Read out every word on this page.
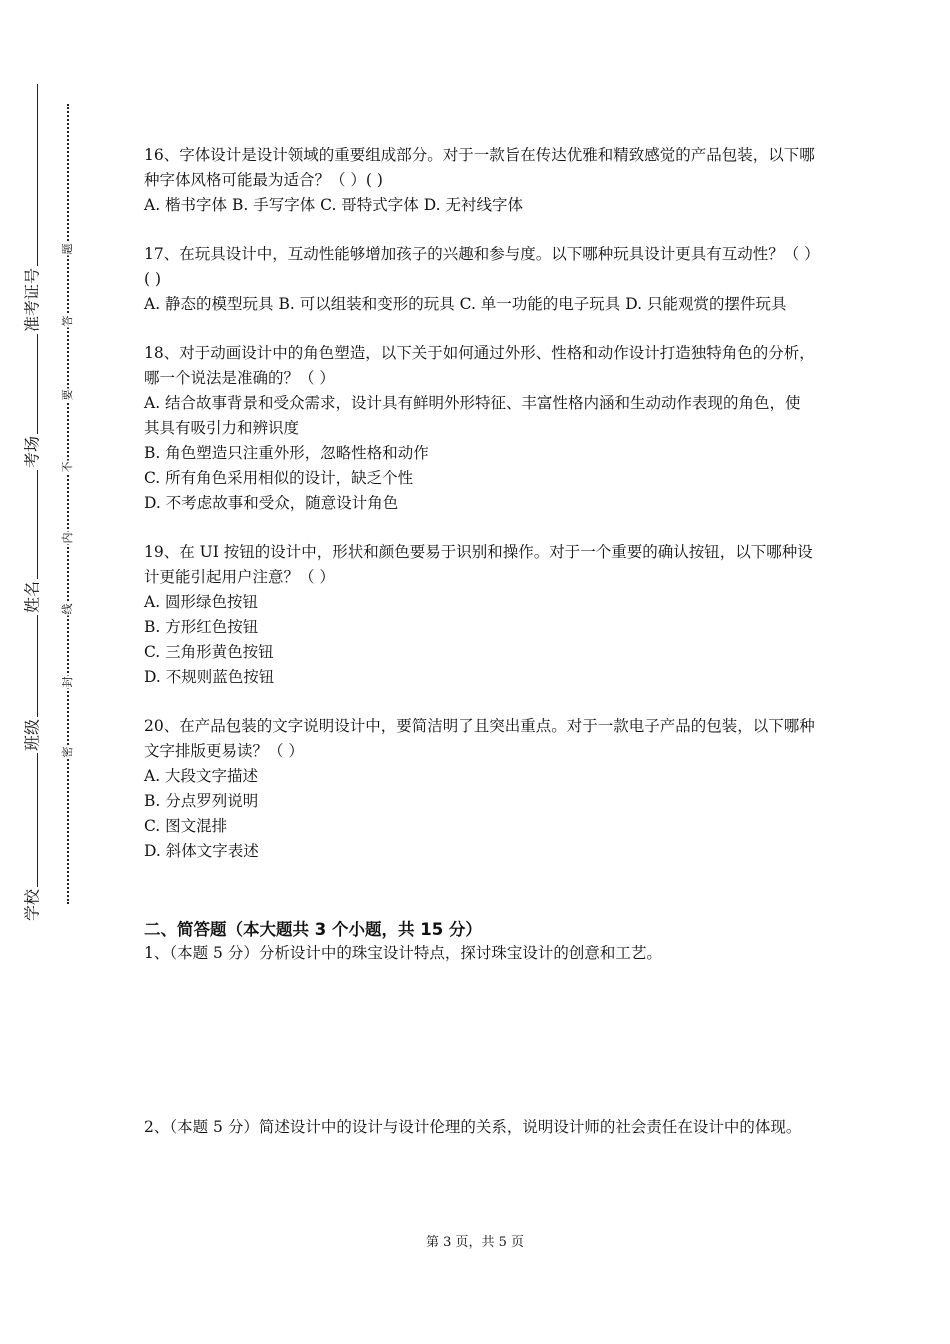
准考证号
考场
姓名
班级
学校
题
答
要
不
内
线
封
密

16、字体设计是设计领域的重要组成部分。对于一款旨在传达优雅和精致感觉的产品包装，以下哪种字体风格可能最为适合？（ ）( )

A. 楷书字体 B. 手写字体 C. 哥特式字体 D. 无衬线字体

17、在玩具设计中，互动性能够增加孩子的兴趣和参与度。以下哪种玩具设计更具有互动性？（ ）( )

A. 静态的模型玩具 B. 可以组装和变形的玩具 C. 单一功能的电子玩具 D. 只能观赏的摆件玩具

18、对于动画设计中的角色塑造，以下关于如何通过外形、性格和动作设计打造独特角色的分析，哪一个说法是准确的？（ ）

A. 结合故事背景和受众需求，设计具有鲜明外形特征、丰富性格内涵和生动动作表现的角色，使其具有吸引力和辨识度

B. 角色塑造只注重外形，忽略性格和动作

C. 所有角色采用相似的设计，缺乏个性

D. 不考虑故事和受众，随意设计角色

19、在 UI 按钮的设计中，形状和颜色要易于识别和操作。对于一个重要的确认按钮，以下哪种设计更能引起用户注意？（ ）

A. 圆形绿色按钮

B. 方形红色按钮

C. 三角形黄色按钮

D. 不规则蓝色按钮

20、在产品包装的文字说明设计中，要简洁明了且突出重点。对于一款电子产品的包装，以下哪种文字排版更易读？（ ）

A. 大段文字描述

B. 分点罗列说明

C. 图文混排

D. 斜体文字表述

二、简答题（本大题共 3 个小题，共 15 分）
1、（本题 5 分）分析设计中的珠宝设计特点，探讨珠宝设计的创意和工艺。
2、（本题 5 分）简述设计中的设计与设计伦理的关系，说明设计师的社会责任在设计中的体现。
第 3 页，共 5 页
